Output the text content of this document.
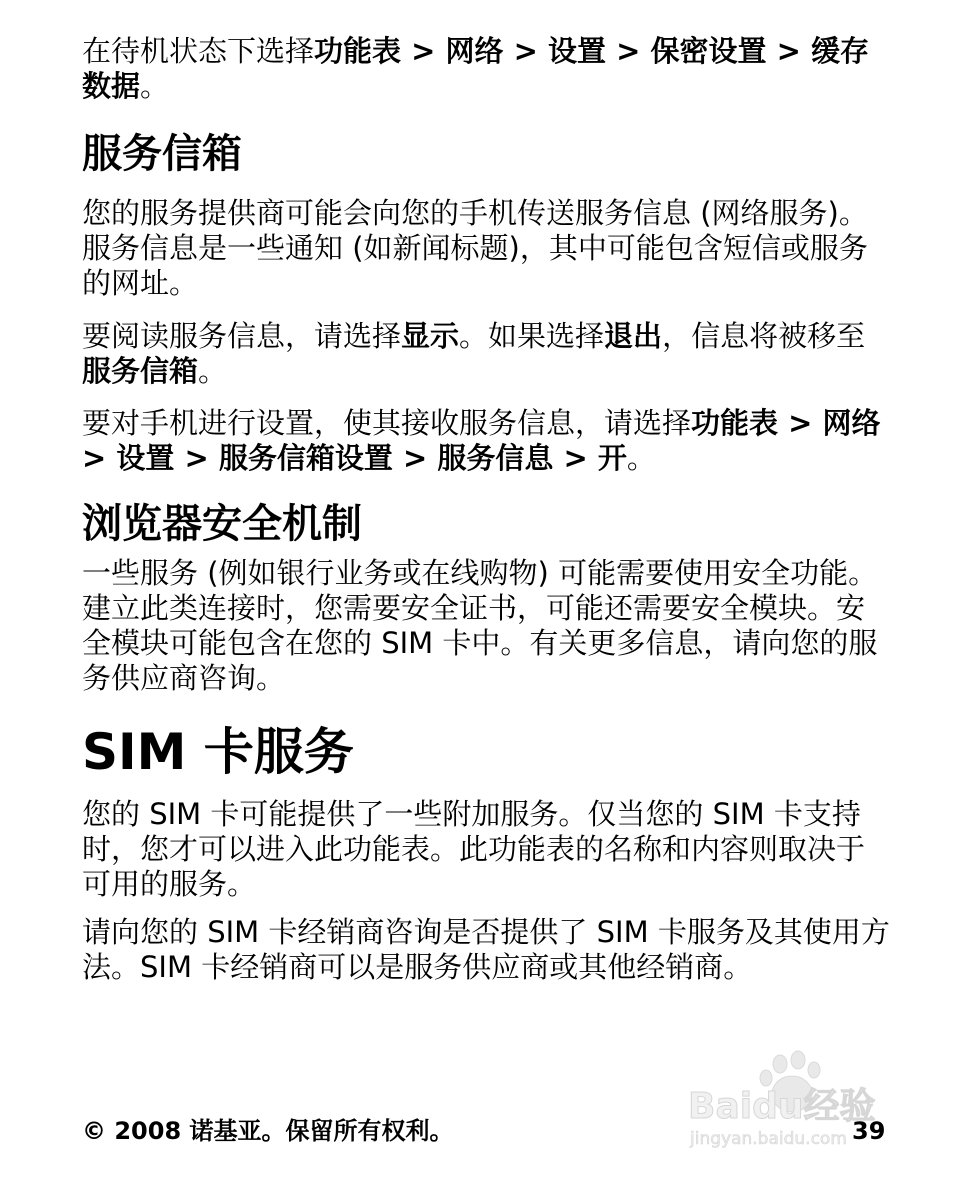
在待机状态下选择功能表 > 网络 > 设置 > 保密设置 > 缓存数据。

服务信箱

您的服务提供商可能会向您的手机传送服务信息 (网络服务)。 服务信息是一些通知 (如新闻标题)，其中可能包含短信或服务的网址。

要阅读服务信息，请选择显示。如果选择退出，信息将被移至服务信箱。

要对手机进行设置，使其接收服务信息，请选择功能表 > 网络 > 设置 > 服务信箱设置 > 服务信息 > 开。

浏览器安全机制

一些服务 (例如银行业务或在线购物) 可能需要使用安全功能。建立此类连接时，您需要安全证书，可能还需要安全模块。安全模块可能包含在您的 SIM 卡中。有关更多信息，请向您的服务供应商咨询。

SIM 卡服务

您的 SIM 卡可能提供了一些附加服务。仅当您的 SIM 卡支持时，您才可以进入此功能表。此功能表的名称和内容则取决于可用的服务。

请向您的 SIM 卡经销商咨询是否提供了 SIM 卡服务及其使用方法。SIM 卡经销商可以是服务供应商或其他经销商。

Baidu经验
jingyan.baidu.com
© 2008 诺基亚。保留所有权利。	39
